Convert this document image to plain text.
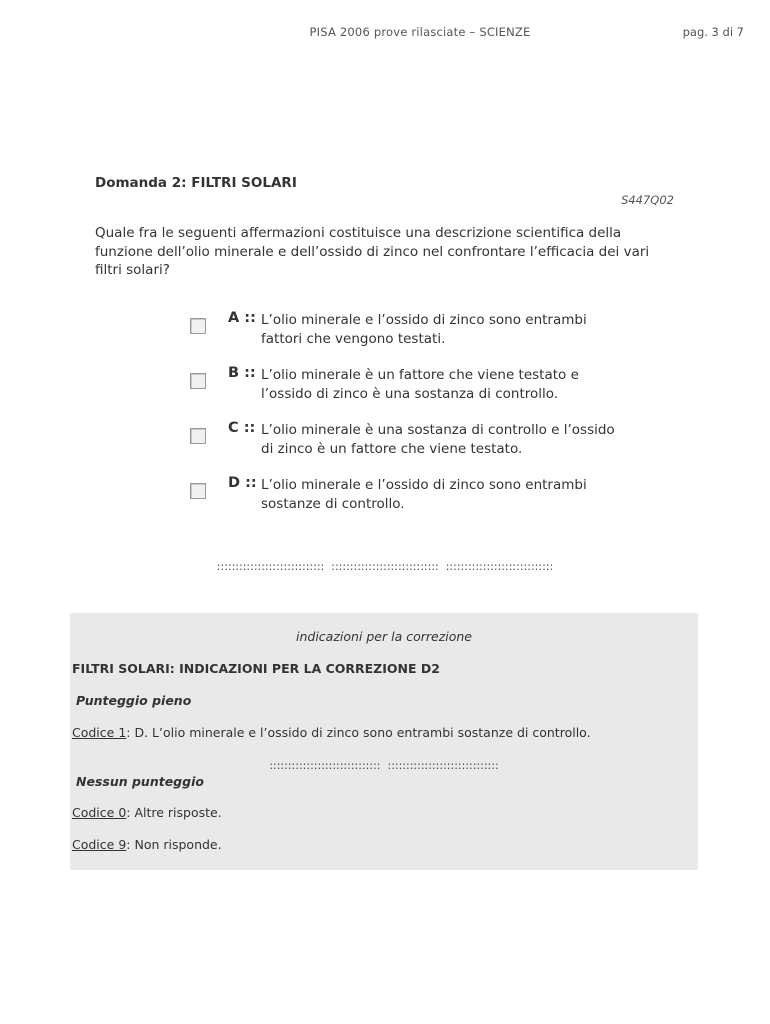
PISA 2006 prove rilasciate – SCIENZE	pag. 3 di 7
Domanda 2: FILTRI SOLARI
S447Q02
Quale fra le seguenti affermazioni costituisce una descrizione scientifica della funzione dell’olio minerale e dell’ossido di zinco nel confrontare l’efficacia dei vari filtri solari?
A :: L’olio minerale e l’ossido di zinco sono entrambi fattori che vengono testati.
B :: L’olio minerale è un fattore che viene testato e l’ossido di zinco è una sostanza di controllo.
C :: L’olio minerale è una sostanza di controllo e l’ossido di zinco è un fattore che viene testato.
D :: L’olio minerale e l’ossido di zinco sono entrambi sostanze di controllo.
:::::::::::::::::::::::::::::  :::::::::::::::::::::::::::::  :::::::::::::::::::::::::::::
indicazioni per la correzione
FILTRI SOLARI: INDICAZIONI PER LA CORREZIONE D2
Punteggio pieno
Codice 1: D. L’olio minerale e l’ossido di zinco sono entrambi sostanze di controllo.
::::::::::::::::::::::::::::::  ::::::::::::::::::::::::::::::
Nessun punteggio
Codice 0: Altre risposte.
Codice 9: Non risponde.
